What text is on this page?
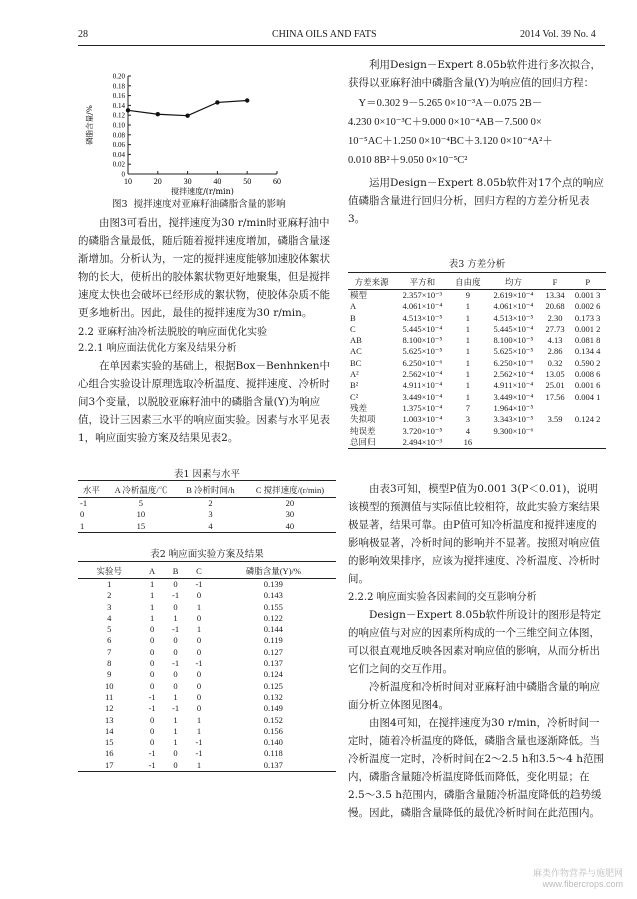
28	CHINA OILS AND FATS	2014 Vol. 39 No. 4
10	20	30	40	50	60
0
0.02
0.04
0.06
0.08
0.10
0.12
0.14
0.16
0.18
0.20
搅拌速度/(r/min)
磷脂含量/%
图3 搅拌速度对亚麻籽油磷脂含量的影响

由图3可看出，搅拌速度为30 r/min时亚麻籽油中的磷脂含量最低，随后随着搅拌速度增加，磷脂含量逐渐增加。分析认为，一定的搅拌速度能够加速胶体絮状物的长大，使析出的胶体絮状物更好地聚集，但是搅拌速度太快也会破坏已经形成的絮状物，使胶体杂质不能更多地析出。因此，最佳的搅拌速度为30 r/min。

2.2 亚麻籽油冷析法脱胶的响应面优化实验
2.2.1 响应面法优化方案及结果分析

在单因素实验的基础上，根据Box－Benhnken中心组合实验设计原理选取冷析温度、搅拌速度、冷析时间3个变量，以脱胶亚麻籽油中的磷脂含量(Y)为响应值，设计三因素三水平的响应面实验。因素与水平见表1，响应面实验方案及结果见表2。

表1 因素与水平
水平	A 冷析温度/℃	B 冷析时间/h	C 搅拌速度/(r/min)
-1	5	2	20
0	10	3	30
1	15	4	40
表2 响应面实验方案及结果
实验号	A	B	C	磷脂含量(Y)/%
1	1	0	-1	0.139
2	1	-1	0	0.143
3	1	0	1	0.155
4	1	1	0	0.122
5	0	-1	1	0.144
6	0	0	0	0.119
7	0	0	0	0.127
8	0	-1	-1	0.137
9	0	0	0	0.124
10	0	0	0	0.125
11	-1	1	0	0.132
12	-1	-1	0	0.149
13	0	1	1	0.152
14	0	1	1	0.156
15	0	1	-1	0.140
16	-1	0	-1	0.118
17	-1	0	1	0.137

利用Design－Expert 8.05b软件进行多次拟合，获得以亚麻籽油中磷脂含量(Y)为响应值的回归方程：

Y＝0.302 9－5.265 0×10⁻³A－0.075 2B－

4.230 0×10⁻³C＋9.000 0×10⁻⁴AB－7.500 0×

10⁻⁵AC＋1.250 0×10⁻⁴BC＋3.120 0×10⁻⁴A²＋

0.010 8B²＋9.050 0×10⁻⁵C²

运用Design－Expert 8.05b软件对17个点的响应值磷脂含量进行回归分析，回归方程的方差分析见表3。

表3 方差分析
方差来源	平方和	自由度	均方	F	P
模型	2.357×10⁻³	9	2.619×10⁻⁴	13.34	0.001 3
A	4.061×10⁻⁴	1	4.061×10⁻⁴	20.68	0.002 6
B	4.513×10⁻⁵	1	4.513×10⁻⁵	2.30	0.173 3
C	5.445×10⁻⁴	1	5.445×10⁻⁴	27.73	0.001 2
AB	8.100×10⁻⁵	1	8.100×10⁻⁵	4.13	0.081 8
AC	5.625×10⁻⁵	1	5.625×10⁻⁵	2.86	0.134 4
BC	6.250×10⁻⁶	1	6.250×10⁻⁶	0.32	0.590 2
A²	2.562×10⁻⁴	1	2.562×10⁻⁴	13.05	0.008 6
B²	4.911×10⁻⁴	1	4.911×10⁻⁴	25.01	0.001 6
C²	3.449×10⁻⁴	1	3.449×10⁻⁴	17.56	0.004 1
残差	1.375×10⁻⁴	7	1.964×10⁻⁵		
失拟项	1.003×10⁻⁴	3	3.343×10⁻⁵	3.59	0.124 2
纯误差	3.720×10⁻⁵	4	9.300×10⁻⁶		
总回归	2.494×10⁻³	16			

由表3可知，模型P值为0.001 3(P＜0.01)，说明该模型的预测值与实际值比较相符，故此实验方案结果极显著，结果可靠。由P值可知冷析温度和搅拌速度的影响极显著，冷析时间的影响并不显著。按照对响应值的影响效果排序，应该为搅拌速度、冷析温度、冷析时间。

2.2.2 响应面实验各因素间的交互影响分析

Design－Expert 8.05b软件所设计的图形是特定的响应值与对应的因素所构成的一个三维空间立体图，可以很直观地反映各因素对响应值的影响，从而分析出它们之间的交互作用。

冷析温度和冷析时间对亚麻籽油中磷脂含量的响应面分析立体图见图4。

由图4可知，在搅拌速度为30 r/min，冷析时间一定时，随着冷析温度的降低，磷脂含量也逐渐降低。当冷析温度一定时，冷析时间在2～2.5 h和3.5～4 h范围内，磷脂含量随冷析温度降低而降低，变化明显；在2.5～3.5 h范围内，磷脂含量随冷析温度降低的趋势缓慢。因此，磷脂含量降低的最优冷析时间在此范围内。

麻类作物营养与施肥网
www.fibercrops.com
